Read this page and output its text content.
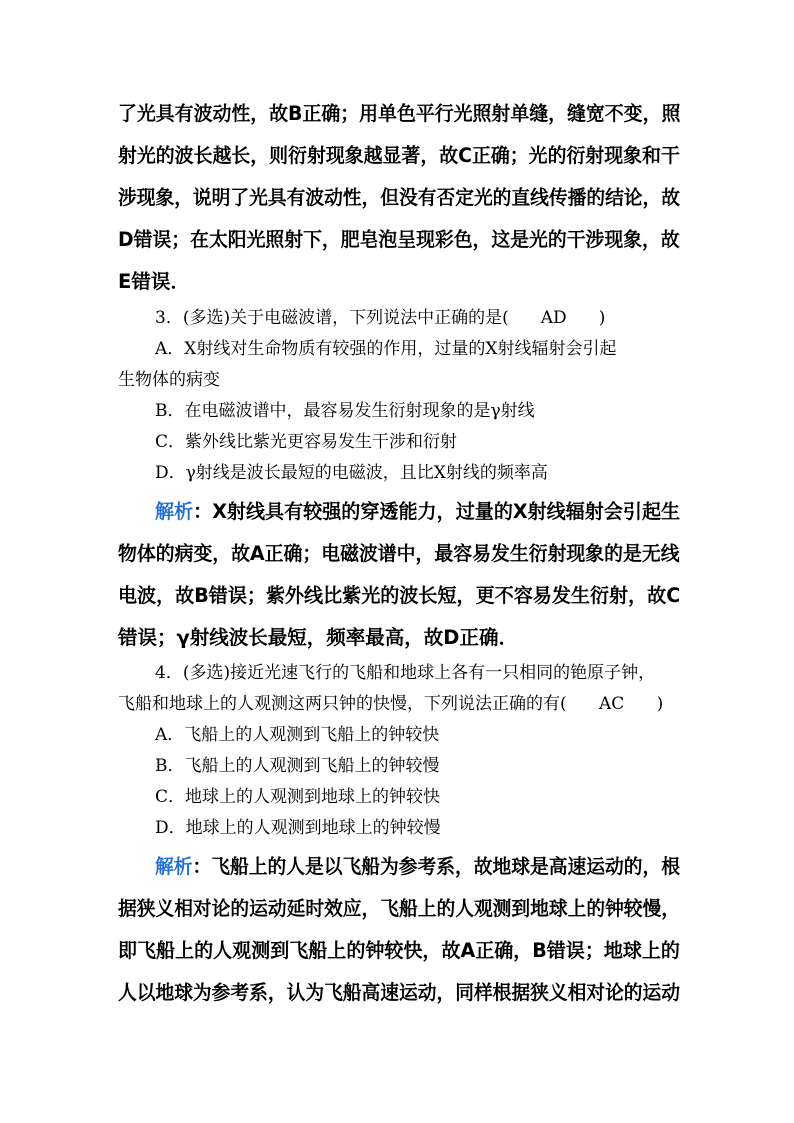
了光具有波动性，故B正确；用单色平行光照射单缝，缝宽不变，照
射光的波长越长，则衍射现象越显著，故C正确；光的衍射现象和干
涉现象，说明了光具有波动性，但没有否定光的直线传播的结论，故
D错误；在太阳光照射下，肥皂泡呈现彩色，这是光的干涉现象，故
E错误．
3．(多选)关于电磁波谱，下列说法中正确的是( AD )
A．X射线对生命物质有较强的作用，过量的X射线辐射会引起
生物体的病变
B．在电磁波谱中，最容易发生衍射现象的是γ射线
C．紫外线比紫光更容易发生干涉和衍射
D．γ射线是波长最短的电磁波，且比X射线的频率高
解析：X射线具有较强的穿透能力，过量的X射线辐射会引起生
物体的病变，故A正确；电磁波谱中，最容易发生衍射现象的是无线
电波，故B错误；紫外线比紫光的波长短，更不容易发生衍射，故C
错误；γ射线波长最短，频率最高，故D正确．
4．(多选)接近光速飞行的飞船和地球上各有一只相同的铯原子钟，
飞船和地球上的人观测这两只钟的快慢，下列说法正确的有( AC )
A．飞船上的人观测到飞船上的钟较快
B．飞船上的人观测到飞船上的钟较慢
C．地球上的人观测到地球上的钟较快
D．地球上的人观测到地球上的钟较慢
解析：飞船上的人是以飞船为参考系，故地球是高速运动的，根
据狭义相对论的运动延时效应，飞船上的人观测到地球上的钟较慢，
即飞船上的人观测到飞船上的钟较快，故A正确，B错误；地球上的
人以地球为参考系，认为飞船高速运动，同样根据狭义相对论的运动
